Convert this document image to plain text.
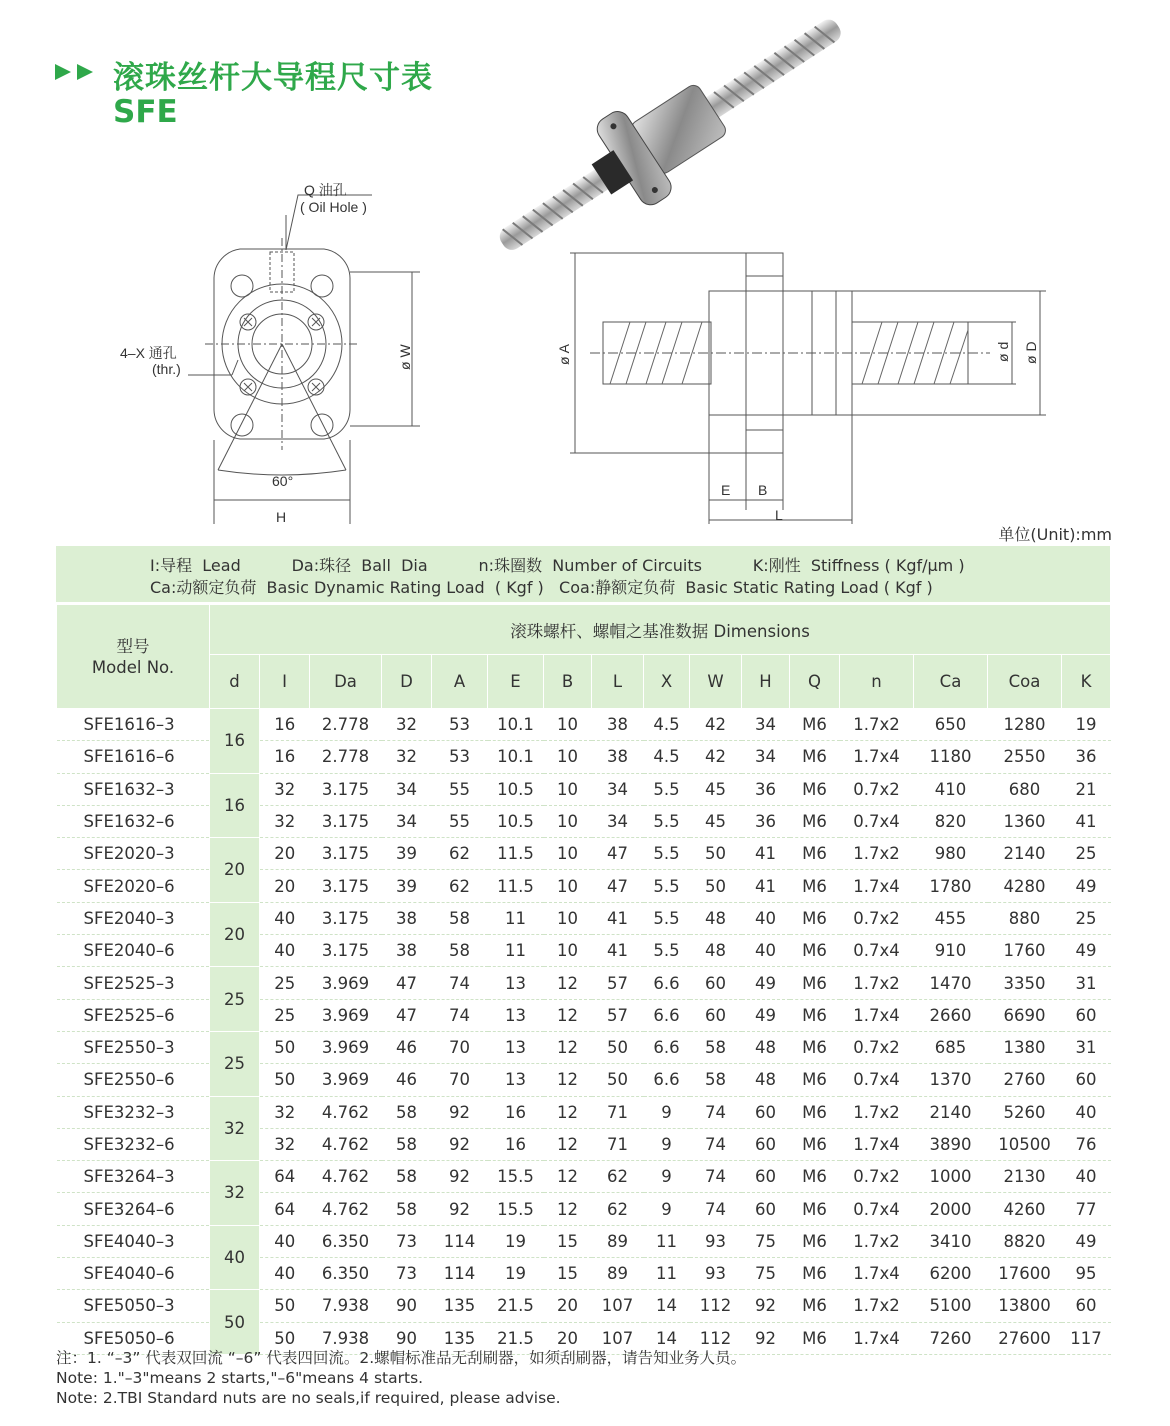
滚珠丝杆大导程尺寸表
SFE
Q 油孔
( Oil Hole )
4–X 通孔
(thr.)
60°
H
ø W	ø A	ø d ø D
E B
L
单位(Unit):mm
I:导程  Lead          Da:珠径  Ball  Dia          n:珠圈数  Number of Circuits          K:刚性  Stiffness ( Kgf/μm )
Ca:动额定负荷  Basic Dynamic Rating Load  ( Kgf )   Coa:静额定负荷  Basic Static Rating Load ( Kgf )
型号
Model No.	滚珠螺杆、螺帽之基准数据 Dimensions															
	d	I	Da	D	A	E	B	L	X	W	H	Q	n	Ca	Coa	K
SFE1616–3	16	16	2.778	32	53	10.1	10	38	4.5	42	34	M6	1.7x2	650	1280	19
SFE1616–6		16	2.778	32	53	10.1	10	38	4.5	42	34	M6	1.7x4	1180	2550	36
SFE1632–3	16	32	3.175	34	55	10.5	10	34	5.5	45	36	M6	0.7x2	410	680	21
SFE1632–6		32	3.175	34	55	10.5	10	34	5.5	45	36	M6	0.7x4	820	1360	41
SFE2020–3	20	20	3.175	39	62	11.5	10	47	5.5	50	41	M6	1.7x2	980	2140	25
SFE2020–6		20	3.175	39	62	11.5	10	47	5.5	50	41	M6	1.7x4	1780	4280	49
SFE2040–3	20	40	3.175	38	58	11	10	41	5.5	48	40	M6	0.7x2	455	880	25
SFE2040–6		40	3.175	38	58	11	10	41	5.5	48	40	M6	0.7x4	910	1760	49
SFE2525–3	25	25	3.969	47	74	13	12	57	6.6	60	49	M6	1.7x2	1470	3350	31
SFE2525–6		25	3.969	47	74	13	12	57	6.6	60	49	M6	1.7x4	2660	6690	60
SFE2550–3	25	50	3.969	46	70	13	12	50	6.6	58	48	M6	0.7x2	685	1380	31
SFE2550–6		50	3.969	46	70	13	12	50	6.6	58	48	M6	0.7x4	1370	2760	60
SFE3232–3	32	32	4.762	58	92	16	12	71	9	74	60	M6	1.7x2	2140	5260	40
SFE3232–6		32	4.762	58	92	16	12	71	9	74	60	M6	1.7x4	3890	10500	76
SFE3264–3	32	64	4.762	58	92	15.5	12	62	9	74	60	M6	0.7x2	1000	2130	40
SFE3264–6		64	4.762	58	92	15.5	12	62	9	74	60	M6	0.7x4	2000	4260	77
SFE4040–3	40	40	6.350	73	114	19	15	89	11	93	75	M6	1.7x2	3410	8820	49
SFE4040–6		40	6.350	73	114	19	15	89	11	93	75	M6	1.7x4	6200	17600	95
SFE5050–3	50	50	7.938	90	135	21.5	20	107	14	112	92	M6	1.7x2	5100	13800	60
SFE5050–6		50	7.938	90	135	21.5	20	107	14	112	92	M6	1.7x4	7260	27600	117
注：1. “–3” 代表双回流 “–6” 代表四回流。2.螺帽标准品无刮刷器，如须刮刷器，请告知业务人员。
Note: 1."–3"means 2 starts,"–6"means 4 starts.
Note: 2.TBI Standard nuts are no seals,if required, please advise.
